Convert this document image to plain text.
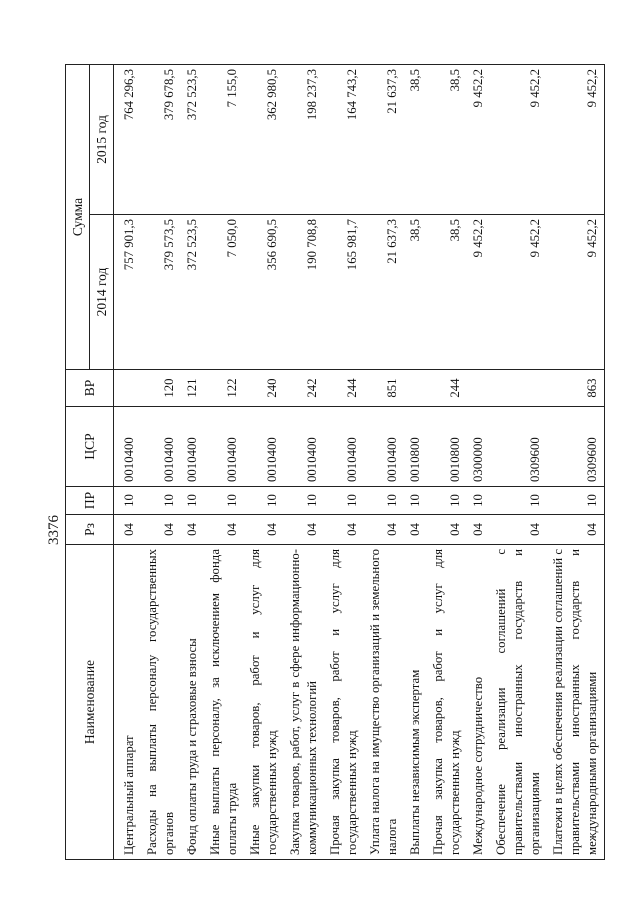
3376
Наименование	Рз	ПР	ЦСР	ВР	Сумма	
					2014 год	2015 год
Центральный аппарат	04	10	0010400		757 901,3	764 296,3
Расходы на выплаты персоналу государственных органов	04	10	0010400	120	379 573,5	379 678,5
Фонд оплаты труда и страховые взносы	04	10	0010400	121	372 523,5	372 523,5
Иные выплаты персоналу, за исключением фонда оплаты труда	04	10	0010400	122	7 050,0	7 155,0
Иные закупки товаров, работ и услуг для государственных нужд	04	10	0010400	240	356 690,5	362 980,5
Закупка товаров, работ, услуг в сфере информационно-коммуникационных технологий	04	10	0010400	242	190 708,8	198 237,3
Прочая закупка товаров, работ и услуг для государственных нужд	04	10	0010400	244	165 981,7	164 743,2
Уплата налога на имущество организаций и земельного налога	04	10	0010400	851	21 637,3	21 637,3
Выплаты независимым экспертам	04	10	0010800		38,5	38,5
Прочая закупка товаров, работ и услуг для государственных нужд	04	10	0010800	244	38,5	38,5
Международное сотрудничество	04	10	0300000		9 452,2	9 452,2
Обеспечение реализации соглашений с правительствами иностранных государств и организациями	04	10	0309600		9 452,2	9 452,2
Платежи в целях обеспечения реализации соглашений с правительствами иностранных государств и международными организациями	04	10	0309600	863	9 452,2	9 452,2
